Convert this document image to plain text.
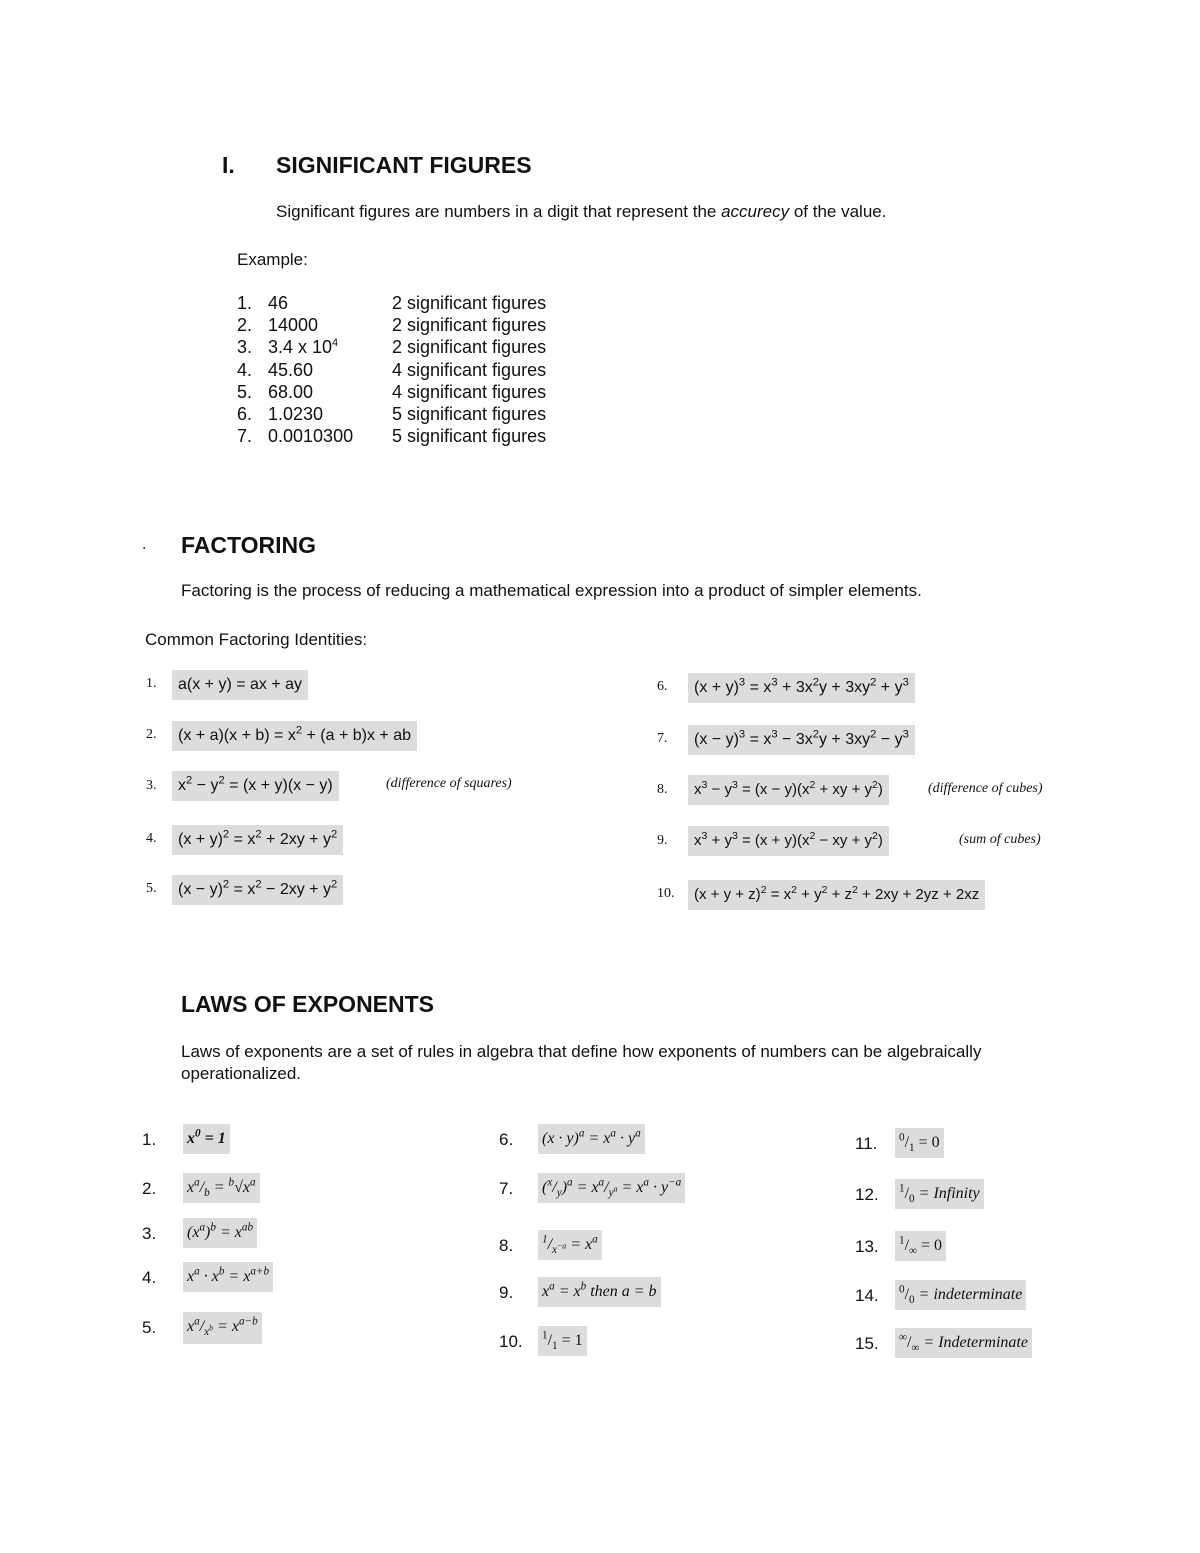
I. SIGNIFICANT FIGURES
Significant figures are numbers in a digit that represent the accurecy of the value.
Example:
1. 46	2 significant figures
2. 14000	2 significant figures
3. 3.4 x $10^4$	2 significant figures
4. 45.60	4 significant figures
5. 68.00	4 significant figures
6. 1.0230	5 significant figures
7. 0.0010300 5 significant figures
. FACTORING
Factoring is the process of reducing a mathematical expression into a product of simpler elements.
Common Factoring Identities:
1.	a(x + y) = ax + ay
2.	$(x + a)(x + b) = x^2 + (a + b)x$ + ab
3.	$x^2 - y^2 = (x + y)(x - y)$	(difference of squares)
4.	$(x + y)^2 = x^2 + 2xy + y^2$
5.	$(x - y)^2 = x^2 - 2xy + y^2$
6.	$(x + y)^3 = x^3 + 3x^2y + 3xy^2 + y^3$
7.	$(x - y)^3 = x^3 - 3x^2y + 3xy^2 - y^3$
8.	$x^3 - y^3 = (x - y)(x^2$ + xy + $y^2$)	(difference of cubes)
9.	$x^3 + y^3 = (x + y)(x^2$ − xy + $y^2$)	(sum of cubes)
10.	$(x + y + z)^2 = x^2 + y^2 + z^2 + 2xy + 2yz + 2xz$
LAWS OF EXPONENTS
Laws of exponents are a set of rules in algebra that define how exponents of numbers can be algebraically
operationalized.
1. $x^0 = 1$
2. $x^a/_b = ^b√x^a$
3. $(x^a)^b = x^{ab}$
4. $x^a \cdot x^b = x^{a+b}$
5. $x^a/_{x^b} = x^{a-b}$
6. $(x \cdot y)^a = x^a \cdot y^a$
7. $(^x/_y)^a = x^a/_{y^a} = x^a \cdot y^{-a}$
8.	$^1/_{x^{-a}} = x^a$
9. $x^a = x^b$ then a = b
10.	$^1/_1 = 1$
11.	$^0/_1 = 0$
12.	$^1/_0$ = Infinity
13.	$^1/_\infty = 0$
14.	$^0/_0$ = indeterminate
15.	$^\infty/_\infty$ = Indeterminate
